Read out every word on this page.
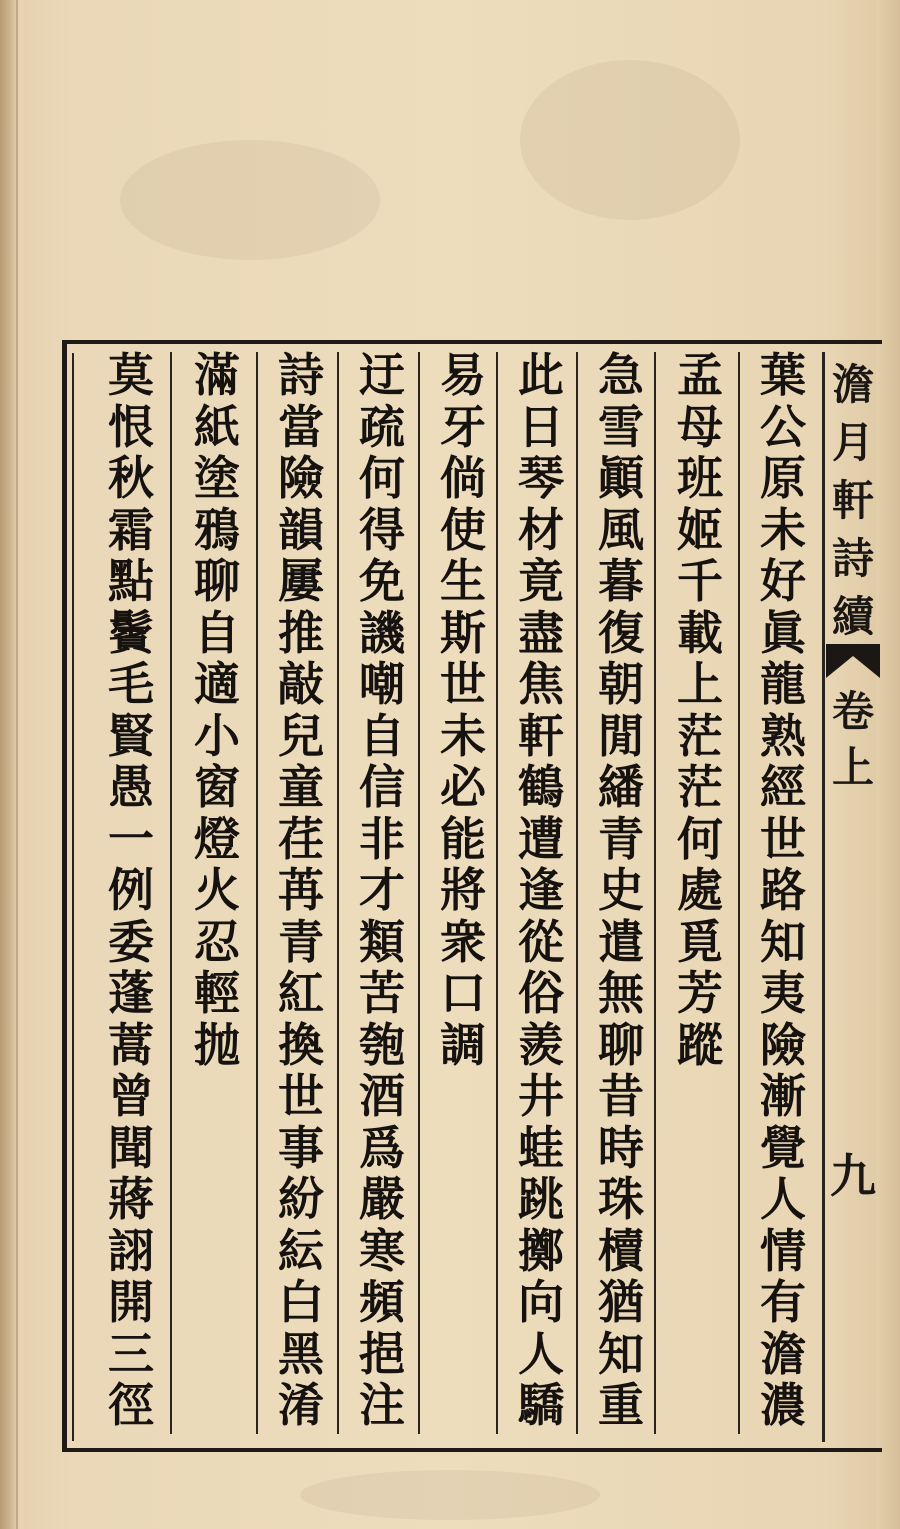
澹
月
軒
詩
續
卷
上
九
葉
公
原
未
好
眞
龍
熟
經
世
路
知
夷
險
漸
覺
人
情
有
澹
濃
孟
母
班
姬
千
載
上
茫
茫
何
處
覓
芳
蹤
急
雪
顚
風
暮
復
朝
閒
繙
青
史
遣
無
聊
昔
時
珠
櫝
猶
知
重
此
日
琴
材
竟
盡
焦
軒
鶴
遭
逢
從
俗
羨
井
蛙
跳
擲
向
人
驕
易
牙
倘
使
生
斯
世
未
必
能
將
衆
口
調
迂
疏
何
得
免
譏
嘲
自
信
非
才
類
苦
匏
酒
爲
嚴
寒
頻
挹
注
詩
當
險
韻
屢
推
敲
兒
童
荏
苒
青
紅
換
世
事
紛
紜
白
黑
淆
滿
紙
塗
鴉
聊
自
適
小
窗
燈
火
忍
輕
抛
莫
恨
秋
霜
點
鬢
毛
賢
愚
一
例
委
蓬
蒿
曾
聞
蔣
詡
開
三
徑
